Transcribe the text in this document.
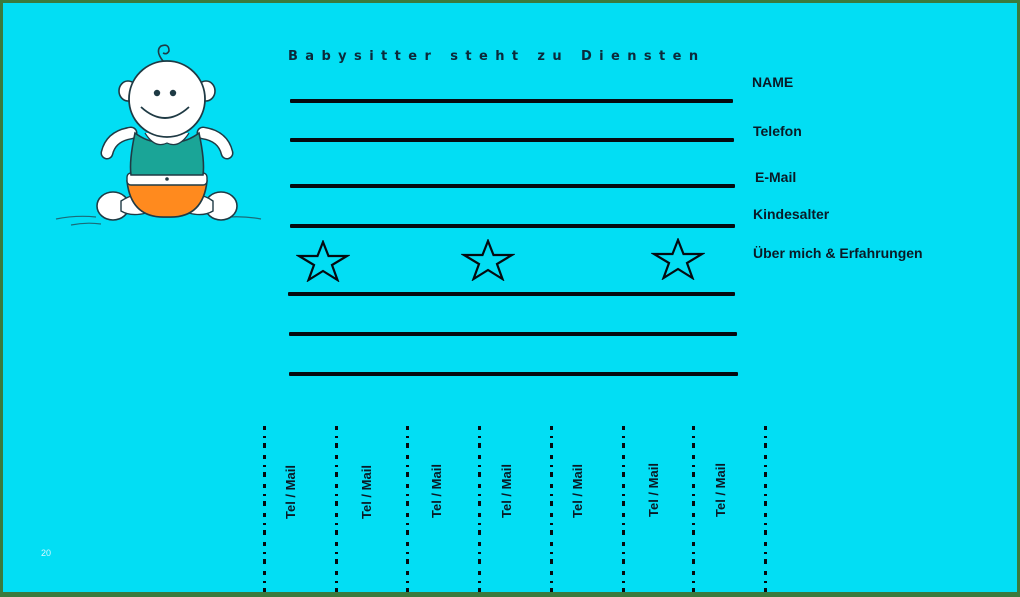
Babysitter steht zu Diensten
NAME
Telefon
E-Mail
Kindesalter
Über mich & Erfahrungen
Tel / Mail	Tel / Mail	Tel / Mail	Tel / Mail	Tel / Mail	Tel / Mail	Tel / Mail
20
